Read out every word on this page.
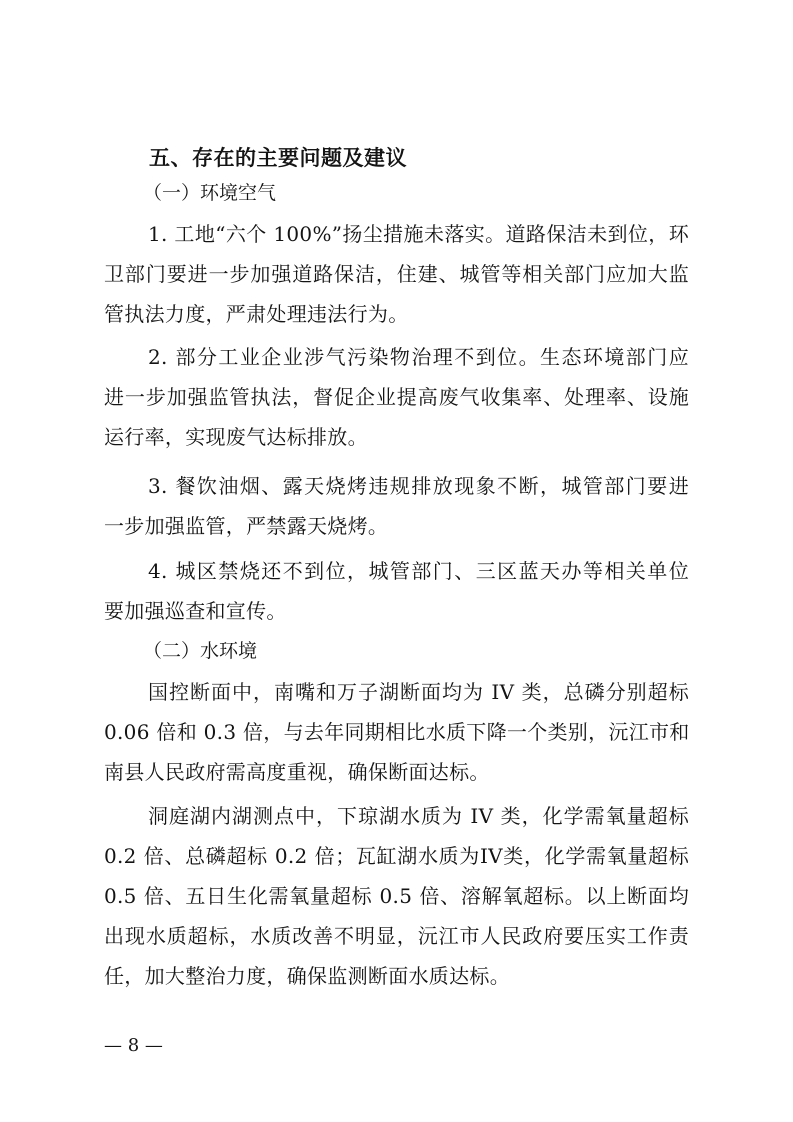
五、存在的主要问题及建议
（一）环境空气
1. 工地“六个 100%”扬尘措施未落实。道路保洁未到位，环
卫部门要进一步加强道路保洁，住建、城管等相关部门应加大监
管执法力度，严肃处理违法行为。
2. 部分工业企业涉气污染物治理不到位。生态环境部门应
进一步加强监管执法，督促企业提高废气收集率、处理率、设施
运行率，实现废气达标排放。
3. 餐饮油烟、露天烧烤违规排放现象不断，城管部门要进
一步加强监管，严禁露天烧烤。
4. 城区禁烧还不到位，城管部门、三区蓝天办等相关单位
要加强巡查和宣传。
（二）水环境
国控断面中，南嘴和万子湖断面均为 IV 类，总磷分别超标
0.06 倍和 0.3 倍，与去年同期相比水质下降一个类别，沅江市和
南县人民政府需高度重视，确保断面达标。
洞庭湖内湖测点中，下琼湖水质为 IV 类，化学需氧量超标
0.2 倍、总磷超标 0.2 倍；瓦缸湖水质为IV类，化学需氧量超标
0.5 倍、五日生化需氧量超标 0.5 倍、溶解氧超标。以上断面均
出现水质超标，水质改善不明显，沅江市人民政府要压实工作责
任，加大整治力度，确保监测断面水质达标。
— 8 —
